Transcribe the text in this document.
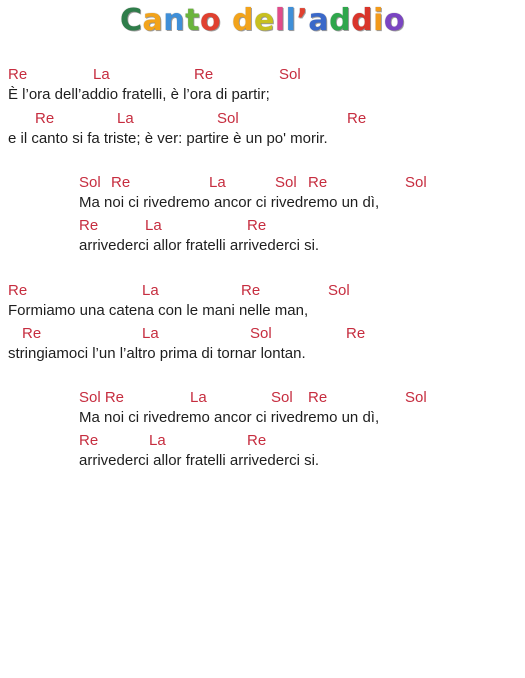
Canto dell’addio
Re	La	Re	Sol
È l’ora dell’addio fratelli, è l’ora di partir;
Re	La	Sol	Re
e il canto si fa triste; è ver: partire è un po' morir.
Sol Re	La	Sol Re	Sol
Ma noi ci rivedremo ancor ci rivedremo un dì,
Re	La	Re
arrivederci allor fratelli arrivederci si.
Re	La	Re	Sol
Formiamo una catena con le mani nelle man,
Re	La	Sol	Re
stringiamoci l’un l’altro prima di tornar lontan.
Sol Re	La	Sol Re	Sol
Ma noi ci rivedremo ancor ci rivedremo un dì,
Re	La	Re
arrivederci allor fratelli arrivederci si.
